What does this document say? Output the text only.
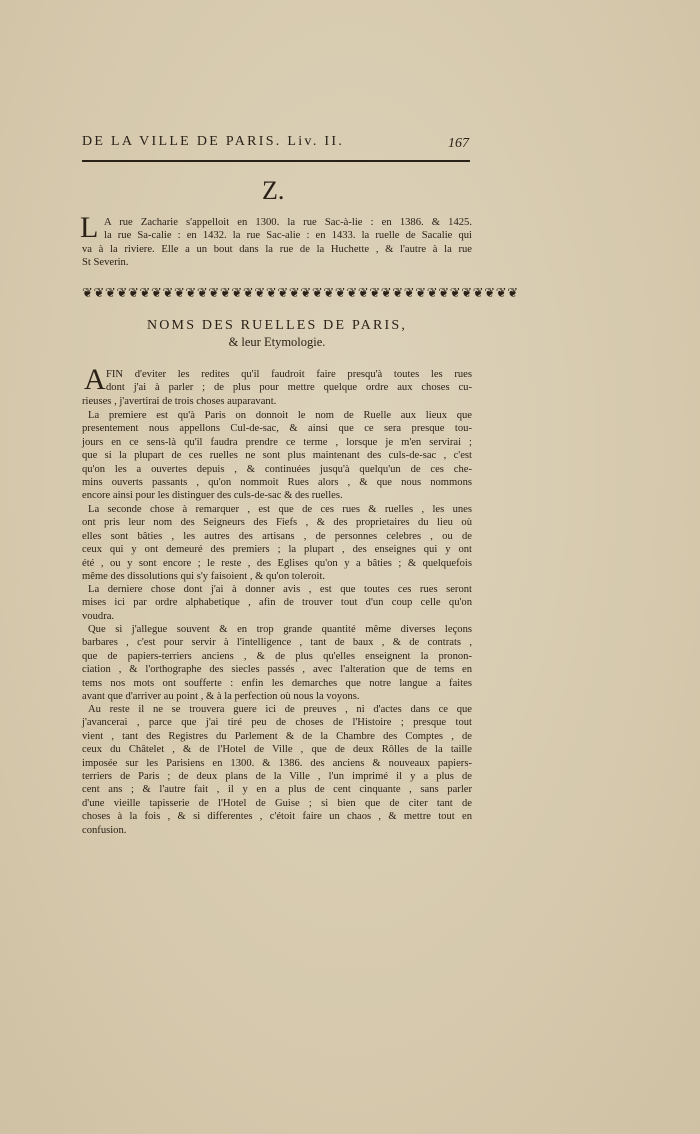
DE LA VILLE DE PARIS. Liv. II.	167
Z.
L A rue Zacharie s'appelloit en 1300. la rue Sac-à-lie : en 1386. & 1425.
la rue Sa-calie : en 1432. la rue Sac-alie : en 1433. la ruelle de Sacalie qui
va à la riviere. Elle a un bout dans la rue de la Huchette , & l'autre à la rue
St Severin.
❦❦❦❦❦❦❦❦❦❦❦❦❦❦❦❦❦❦❦❦❦❦❦❦❦❦❦❦❦❦❦❦❦❦❦❦❦❦
NOMS DES RUELLES DE PARIS,
& leur Etymologie.
A FIN d'eviter les redites qu'il faudroit faire presqu'à toutes les rues
dont j'ai à parler ; de plus pour mettre quelque ordre aux choses cu-
rieuses , j'avertirai de trois choses auparavant.
La premiere est qu'à Paris on donnoit le nom de Ruelle aux lieux que
presentement nous appellons Cul-de-sac, & ainsi que ce sera presque tou-
jours en ce sens-là qu'il faudra prendre ce terme , lorsque je m'en servirai ;
que si la plupart de ces ruelles ne sont plus maintenant des culs-de-sac , c'est
qu'on les a ouvertes depuis , & continuées jusqu'à quelqu'un de ces che-
mins ouverts passants , qu'on nommoit Rues alors , & que nous nommons
encore ainsi pour les distinguer des culs-de-sac & des ruelles.
La seconde chose à remarquer , est que de ces rues & ruelles , les unes
ont pris leur nom des Seigneurs des Fiefs , & des proprietaires du lieu où
elles sont bâties , les autres des artisans , de personnes celebres , ou de
ceux qui y ont demeuré des premiers ; la plupart , des enseignes qui y ont
été , ou y sont encore ; le reste , des Eglises qu'on y a bâties ; & quelquefois
même des dissolutions qui s'y faisoient , & qu'on toleroit.
La derniere chose dont j'ai à donner avis , est que toutes ces rues seront
mises ici par ordre alphabetique , afin de trouver tout d'un coup celle qu'on
voudra.
Que si j'allegue souvent & en trop grande quantité même diverses leçons
barbares , c'est pour servir à l'intelligence , tant de baux , & de contrats ,
que de papiers-terriers anciens , & de plus qu'elles enseignent la pronon-
ciation , & l'orthographe des siecles passés , avec l'alteration que de tems en
tems nos mots ont soufferte : enfin les demarches que notre langue a faites
avant que d'arriver au point , & à la perfection où nous la voyons.
Au reste il ne se trouvera guere ici de preuves , ni d'actes dans ce que
j'avancerai , parce que j'ai tiré peu de choses de l'Histoire ; presque tout
vient , tant des Registres du Parlement & de la Chambre des Comptes , de
ceux du Châtelet , & de l'Hotel de Ville , que de deux Rôlles de la taille
imposée sur les Parisiens en 1300. & 1386. des anciens & nouveaux papiers-
terriers de Paris ; de deux plans de la Ville , l'un imprimé il y a plus de
cent ans ; & l'autre fait , il y en a plus de cent cinquante , sans parler
d'une vieille tapisserie de l'Hotel de Guise ; si bien que de citer tant de
choses à la fois , & si differentes , c'étoit faire un chaos , & mettre tout en
confusion.
